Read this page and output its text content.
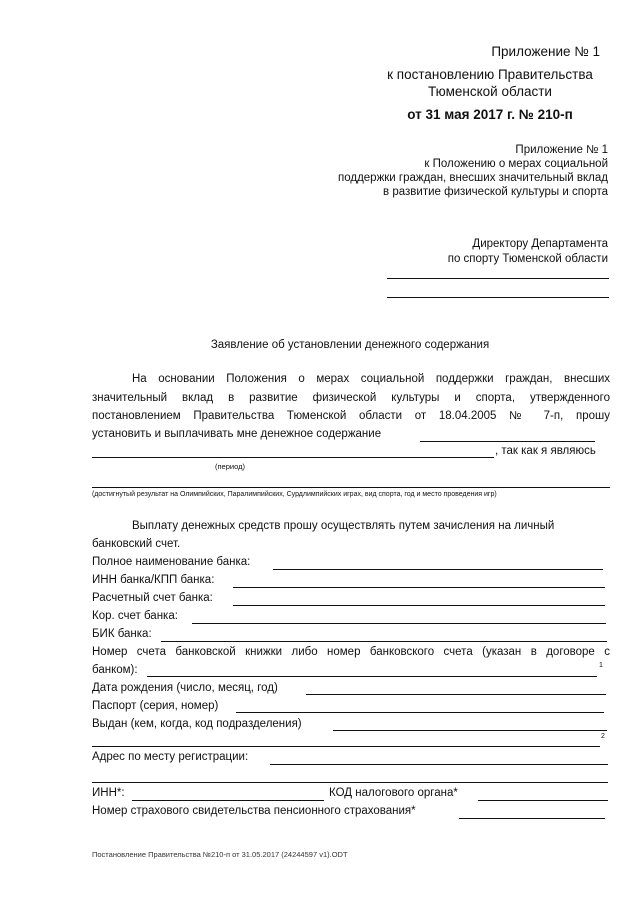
Приложение № 1
к постановлению Правительства
Тюменской области
от 31 мая 2017 г. № 210-п
Приложение № 1
к Положению о мерах социальной
поддержки граждан, внесших значительный вклад
в развитие физической культуры и спорта
Директору Департамента
по спорту Тюменской области
Заявление об установлении денежного содержания
На основании Положения о мерах социальной поддержки граждан, внесших
значительный вклад в развитие физической культуры и спорта, утвержденного
постановлением Правительства Тюменской области от 18.04.2005 № 7-п, прошу
установить и выплачивать мне денежное содержание
, так как я являюсь
(период)
(достигнутый результат на Олимпийских, Паралимпийских, Сурдлимпийских играх, вид спорта, год и место проведения игр)
Выплату денежных средств прошу осуществлять путем зачисления на личный
банковский счет.
Полное наименование банка:
ИНН банка/КПП банка:
Расчетный счет банка:
Кор. счет банка:
БИК банка:
Номер счета банковской книжки либо номер банковского счета (указан в договоре с
банком):	1
Дата рождения (число, месяц, год)
Паспорт (серия, номер)
Выдан (кем, когда, код подразделения)
2
Адрес по месту регистрации:
ИНН*:	КОД налогового органа*
Номер страхового свидетельства пенсионного страхования*
Постановление Правительства №210-п от 31.05.2017 (24244597 v1).ODT
